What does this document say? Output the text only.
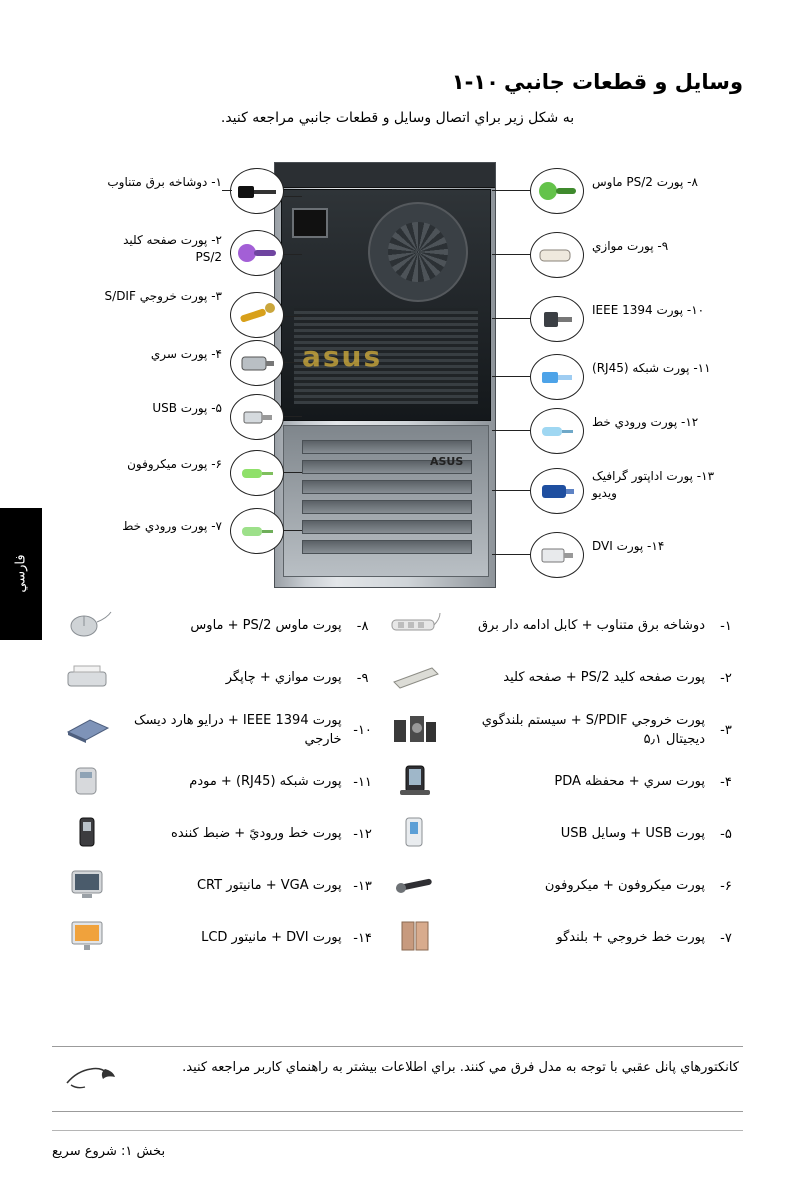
وسایل و قطعات جانبي ۱-۱۰
به شکل زیر براي اتصال وسایل و قطعات جانبي مراجعه کنید.
فارسي
asus
ASUS
۱- دوشاخه برق متناوب
۲- پورت صفحه کلید PS/2
۳- پورت خروجي S/DIF
۴- پورت سري
۵- پورت USB
۶- پورت میکروفون
۷- پورت ورودي خط
۸- پورت PS/2 ماوس
۹- پورت موازي
۱۰- پورت IEEE 1394
۱۱- پورت شبکه (RJ45)
۱۲- پورت ورودي خط
۱۳- پورت اداپتور گرافیک ویدیو
۱۴- پورت DVI
۱-	دوشاخه برق متناوب + کابل ادامه دار برق		۸-	پورت ماوس PS/2 + ماوس	
۲-	پورت صفحه کلید PS/2 + صفحه کلید		۹-	پورت موازي + چاپگر	
۳-	پورت خروجي S/PDIF + سیستم بلندگوي دیجیتال ۵٫۱		۱۰-	پورت IEEE 1394 + درایو هارد دیسک خارجي	
۴-	پورت سري + محفظه PDA		۱۱-	پورت شبکه (RJ45) + مودم	
۵-	پورت USB + وسایل USB		۱۲-	پورت خط وروديً + ضبط کننده	
۶-	پورت میکروفون + میکروفون		۱۳-	پورت VGA + مانیتور CRT	
۷-	پورت خط خروجي + بلندگو		۱۴-	پورت DVI + مانیتور LCD	
کانکتورهاي پانل عقبي با توجه به مدل فرق مي کنند. براي اطلاعات بیشتر به راهنماي کاربر مراجعه کنید.
بخش ۱: شروع سریع
